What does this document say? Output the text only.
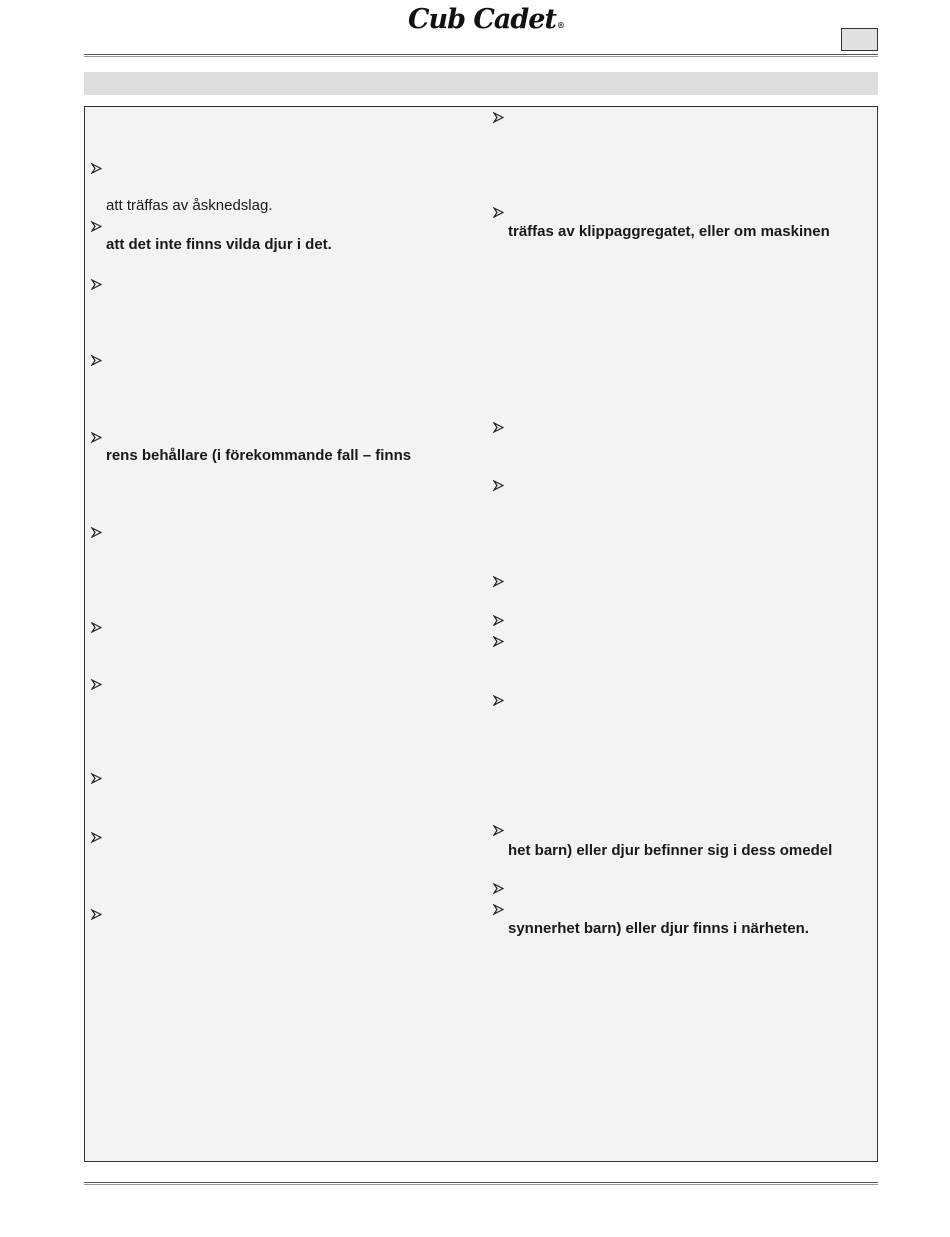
Cub Cadet®
att träffas av åsknedslag.
att det inte finns vilda djur i det.
rens behållare (i förekommande fall – finns
träffas av klippaggregatet, eller om maskinen
het barn) eller djur befinner sig i dess omedel
synnerhet barn) eller djur finns i närheten.
